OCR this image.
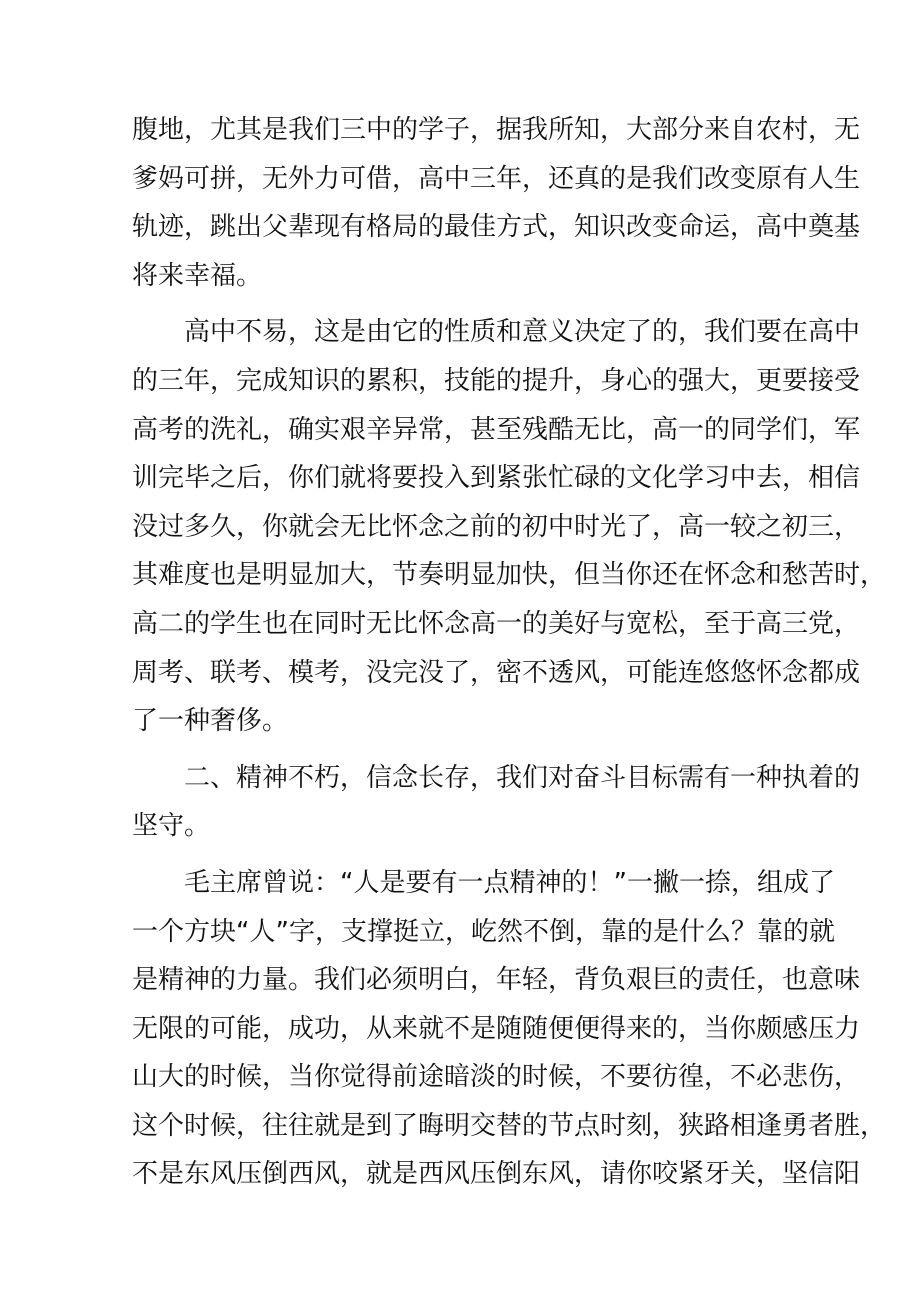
腹地，尤其是我们三中的学子，据我所知，大部分来自农村，无
爹妈可拼，无外力可借，高中三年，还真的是我们改变原有人生
轨迹，跳出父辈现有格局的最佳方式，知识改变命运，高中奠基
将来幸福。
高中不易，这是由它的性质和意义决定了的，我们要在高中
的三年，完成知识的累积，技能的提升，身心的强大，更要接受
高考的洗礼，确实艰辛异常，甚至残酷无比，高一的同学们，军
训完毕之后，你们就将要投入到紧张忙碌的文化学习中去，相信
没过多久，你就会无比怀念之前的初中时光了，高一较之初三，
其难度也是明显加大，节奏明显加快，但当你还在怀念和愁苦时，
高二的学生也在同时无比怀念高一的美好与宽松，至于高三党，
周考、联考、模考，没完没了，密不透风，可能连悠悠怀念都成
了一种奢侈。
二、精神不朽，信念长存，我们对奋斗目标需有一种执着的
坚守。
毛主席曾说：“人是要有一点精神的！”一撇一捺，组成了
一个方块“人”字，支撑挺立，屹然不倒，靠的是什么？靠的就
是精神的力量。我们必须明白，年轻，背负艰巨的责任，也意味
无限的可能，成功，从来就不是随随便便得来的，当你颇感压力
山大的时候，当你觉得前途暗淡的时候，不要彷徨，不必悲伤，
这个时候，往往就是到了晦明交替的节点时刻，狭路相逢勇者胜，
不是东风压倒西风，就是西风压倒东风，请你咬紧牙关，坚信阳
